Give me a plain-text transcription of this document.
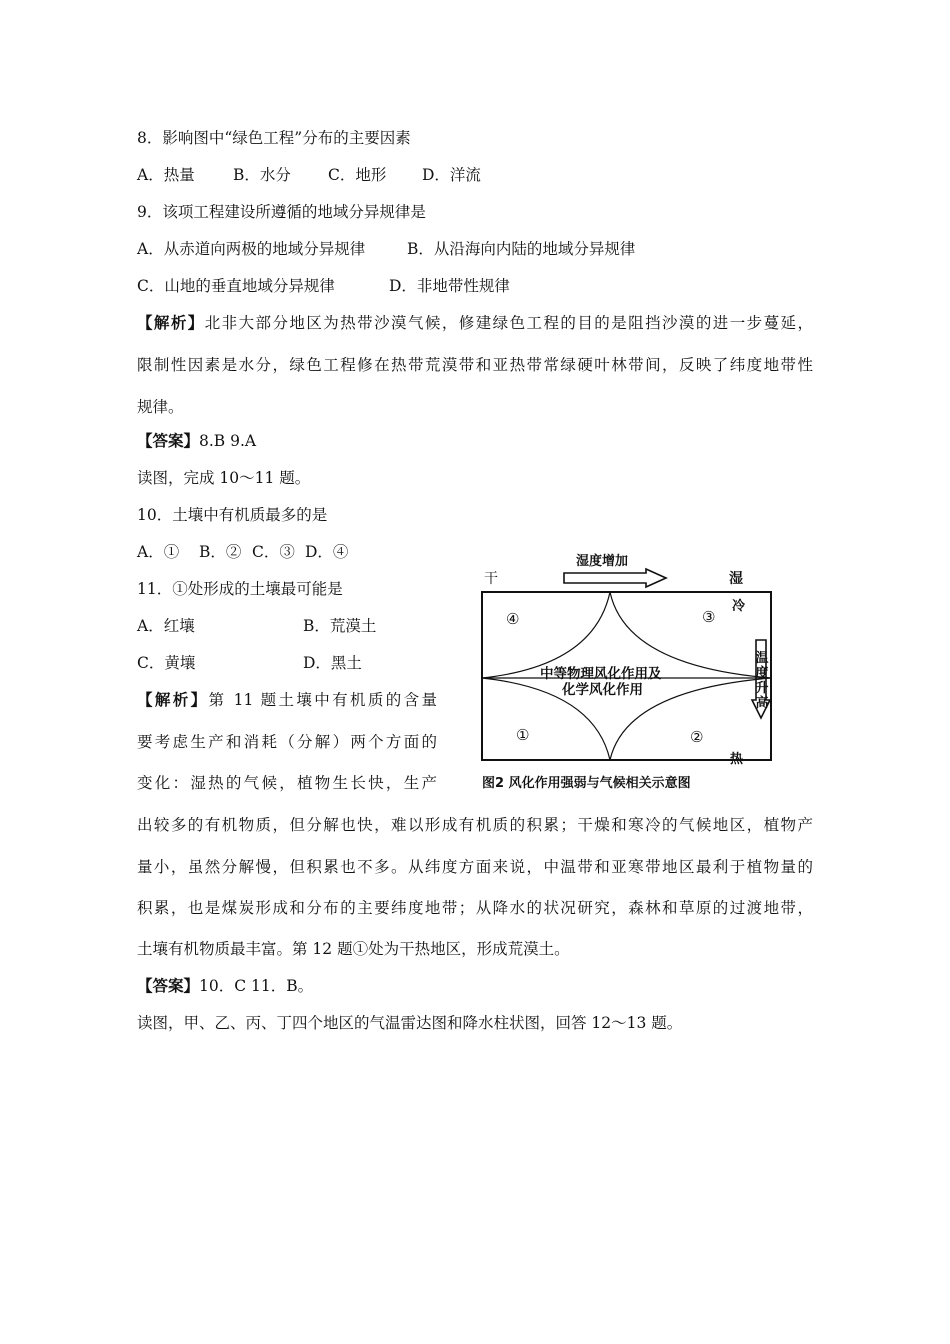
8．影响图中“绿色工程”分布的主要因素
A．热量 B．水分 C．地形 D．洋流
9．该项工程建设所遵循的地域分异规律是
A．从赤道向两极的地域分异规律	B．从沿海向内陆的地域分异规律
C．山地的垂直地域分异规律	D．非地带性规律
【解析】北非大部分地区为热带沙漠气候，修建绿色工程的目的是阻挡沙漠的进一步蔓延，
限制性因素是水分，绿色工程修在热带荒漠带和亚热带常绿硬叶林带间，反映了纬度地带性
规律。
【答案】8.B 9.A
读图，完成 10～11 题。
10．土壤中有机质最多的是
A．① B．② C．③ D．④
11．①处形成的土壤最可能是
A．红壤	B．荒漠土
C．黄壤	D．黑土
【解析】第 11 题土壤中有机质的含量
要考虑生产和消耗（分解）两个方面的
变化：湿热的气候，植物生长快，生产
出较多的有机物质，但分解也快，难以形成有机质的积累；干燥和寒冷的气候地区，植物产
量小，虽然分解慢，但积累也不多。从纬度方面来说，中温带和亚寒带地区最利于植物量的
积累，也是煤炭形成和分布的主要纬度地带；从降水的状况研究，森林和草原的过渡地带，
土壤有机物质最丰富。第 12 题①处为干热地区，形成荒漠土。
【答案】10．C 11．B。
读图，甲、乙、丙、丁四个地区的气温雷达图和降水柱状图，回答 12～13 题。
湿度增加
干	湿
冷
温度升高
热
中等物理风化作用及
化学风化作用
④	③
①	②
图2 风化作用强弱与气候相关示意图
